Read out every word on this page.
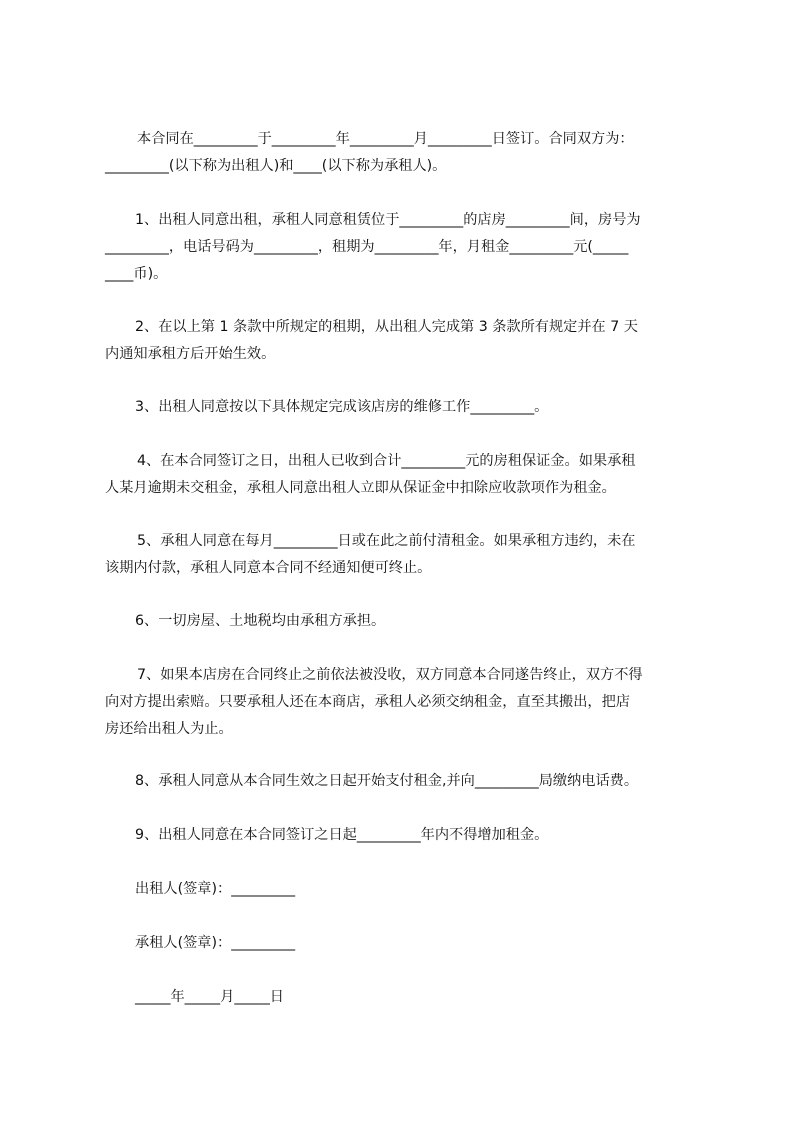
本合同在_________于_________年_________月_________日签订。合同双方为：
_________(以下称为出租人)和____(以下称为承租人)。

1、出租人同意出租，承租人同意租赁位于_________的店房_________间，房号为
_________，电话号码为_________，租期为_________年，月租金_________元(_____
____币)。

2、在以上第 1 条款中所规定的租期，从出租人完成第 3 条款所有规定并在 7 天
内通知承租方后开始生效。

3、出租人同意按以下具体规定完成该店房的维修工作_________。

4、在本合同签订之日，出租人已收到合计_________元的房租保证金。如果承租
人某月逾期未交租金，承租人同意出租人立即从保证金中扣除应收款项作为租金。

5、承租人同意在每月_________日或在此之前付清租金。如果承租方违约，未在
该期内付款，承租人同意本合同不经通知便可终止。

6、一切房屋、土地税均由承租方承担。

7、如果本店房在合同终止之前依法被没收，双方同意本合同遂告终止，双方不得
向对方提出索赔。只要承租人还在本商店，承租人必须交纳租金，直至其搬出，把店
房还给出租人为止。

8、承租人同意从本合同生效之日起开始支付租金,并向_________局缴纳电话费。

9、出租人同意在本合同签订之日起_________年内不得增加租金。

出租人(签章)：_________

承租人(签章)：_________

_____年_____月_____日
